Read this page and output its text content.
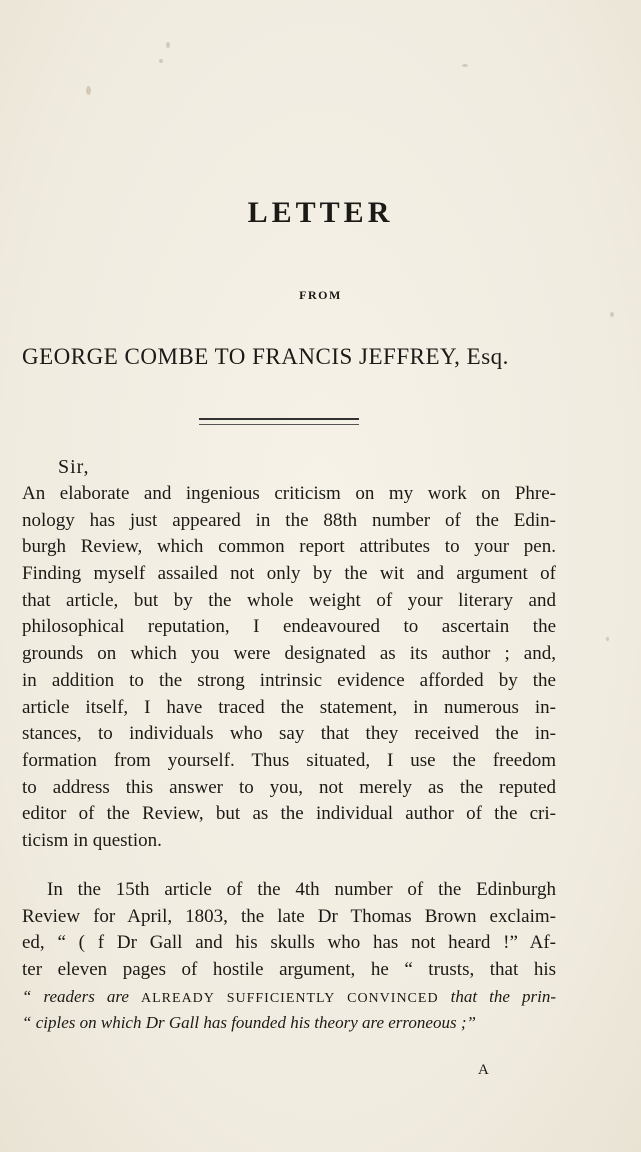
LETTER
FROM
GEORGE COMBE TO FRANCIS JEFFREY, Esq.
Sir,
An elaborate and ingenious criticism on my work on Phre-
nology has just appeared in the 88th number of the Edin-
burgh Review, which common report attributes to your pen.
Finding myself assailed not only by the wit and argument of
that article, but by the whole weight of your literary and
philosophical reputation, I endeavoured to ascertain the
grounds on which you were designated as its author ; and,
in addition to the strong intrinsic evidence afforded by the
article itself, I have traced the statement, in numerous in-
stances, to individuals who say that they received the in-
formation from yourself. Thus situated, I use the freedom
to address this answer to you, not merely as the reputed
editor of the Review, but as the individual author of the cri-
ticism in question.
In the 15th article of the 4th number of the Edinburgh
Review for April, 1803, the late Dr Thomas Brown exclaim-
ed, “ ( f Dr Gall and his skulls who has not heard !” Af-
ter eleven pages of hostile argument, he “ trusts, that his
“ readers are ALREADY SUFFICIENTLY CONVINCED that the prin-
“ ciples on which Dr Gall has founded his theory are erroneous ;”
A
